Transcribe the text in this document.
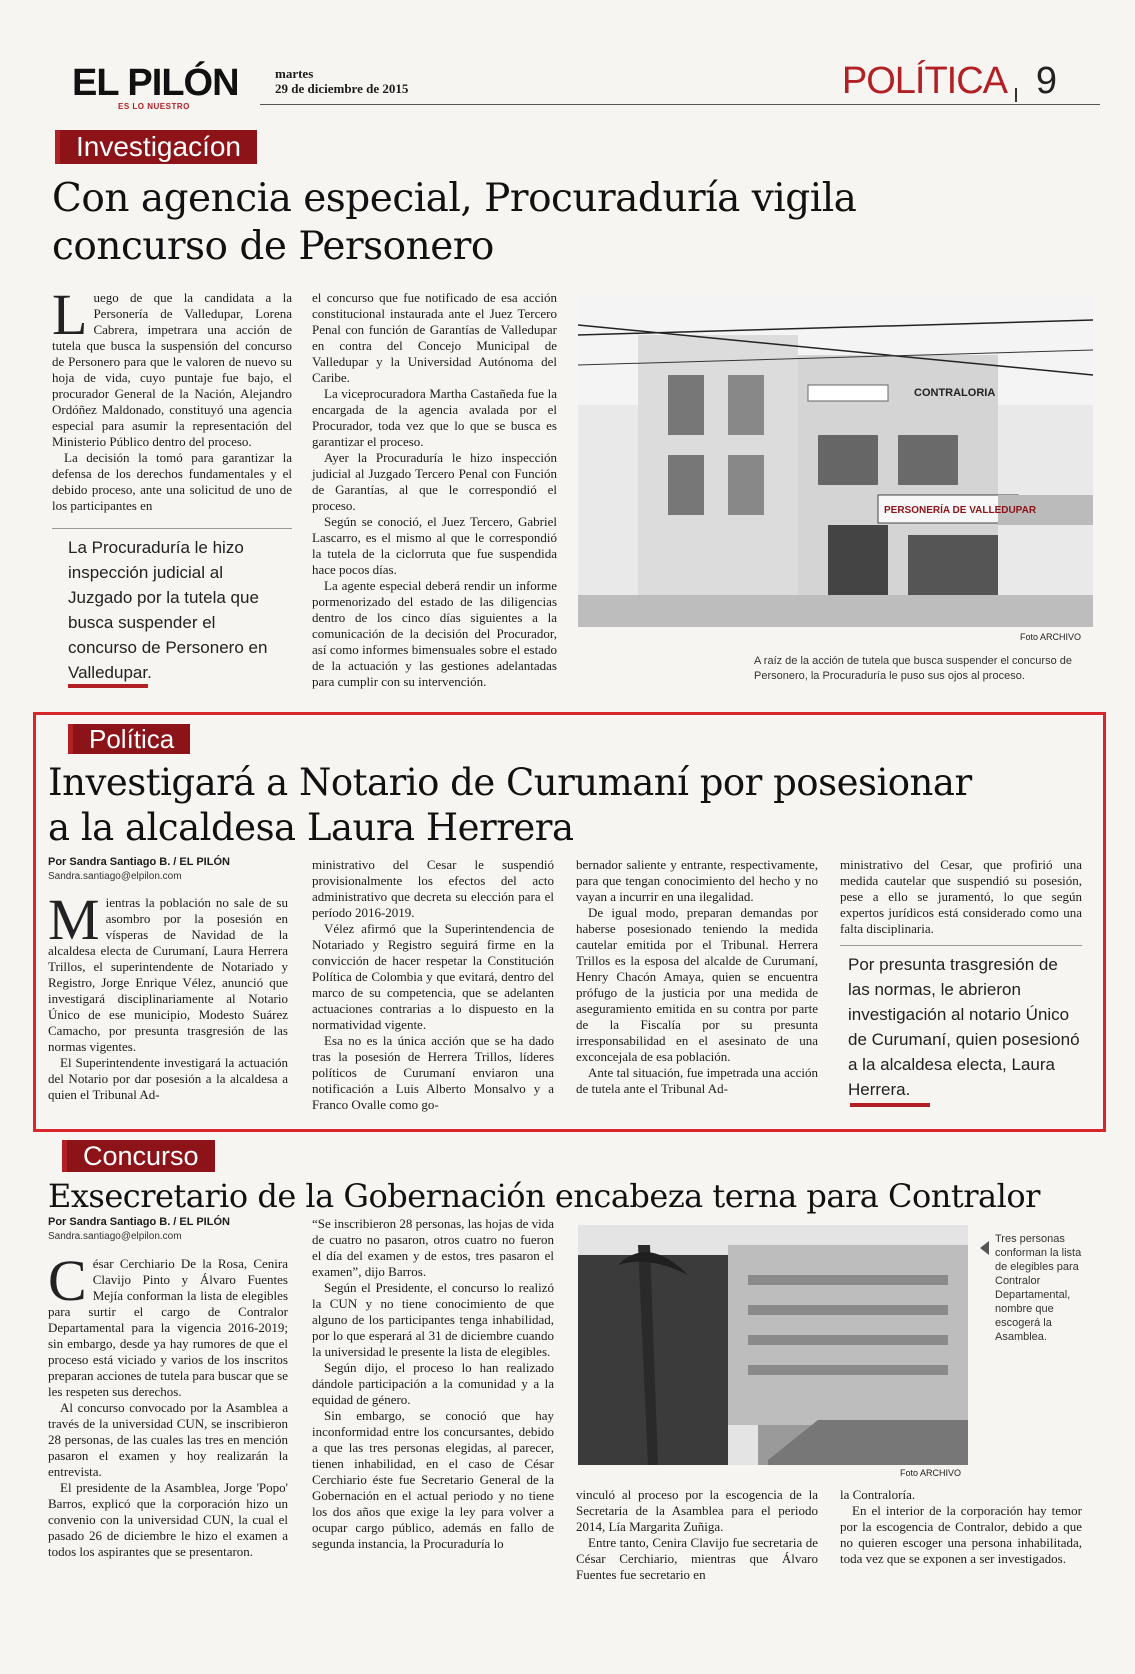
EL PILÓN
ES LO NUESTRO
martes
29 de diciembre de 2015	POLÍTICA 9
Investigacíon
Con agencia especial, Procuraduría vigila
concurso de Personero

Luego de que la candidata a la Personería de Valledupar, Lorena Cabrera, impetrara una acción de tutela que busca la suspensión del concurso de Personero para que le valoren de nuevo su hoja de vida, cuyo puntaje fue bajo, el procurador General de la Nación, Alejandro Ordóñez Maldonado, constituyó una agencia especial para asumir la representación del Ministerio Público dentro del proceso.

La decisión la tomó para garantizar la defensa de los derechos fundamentales y el debido proceso, ante una solicitud de uno de los participantes en

La Procuraduría le hizo inspección judicial al Juzgado por la tutela que busca suspender el concurso de Personero en Valledupar.

el concurso que fue notificado de esa acción constitucional instaurada ante el Juez Tercero Penal con función de Garantías de Valledupar en contra del Concejo Municipal de Valledupar y la Universidad Autónoma del Caribe.

La viceprocuradora Martha Castañeda fue la encargada de la agencia avalada por el Procurador, toda vez que lo que se busca es garantizar el proceso.

Ayer la Procuraduría le hizo inspección judicial al Juzgado Tercero Penal con Función de Garantías, al que le correspondió el proceso.

Según se conoció, el Juez Tercero, Gabriel Lascarro, es el mismo al que le correspondió la tutela de la ciclorruta que fue suspendida hace pocos días.

La agente especial deberá rendir un informe pormenorizado del estado de las diligencias dentro de los cinco días siguientes a la comunicación de la decisión del Procurador, así como informes bimensuales sobre el estado de la actuación y las gestiones adelantadas para cumplir con su intervención.

CONTRALORIA
PERSONERÍA DE VALLEDUPAR
Foto ARCHIVO
A raíz de la acción de tutela que busca suspender el concurso de Personero, la Procuraduría le puso sus ojos al proceso.
Política
Investigará a Notario de Curumaní por posesionar
a la alcaldesa Laura Herrera
Por Sandra Santiago B. / EL PILÓN
Sandra.santiago@elpilon.com

Mientras la población no sale de su asombro por la posesión en vísperas de Navidad de la alcaldesa electa de Curumaní, Laura Herrera Trillos, el superintendente de Notariado y Registro, Jorge Enrique Vélez, anunció que investigará disciplinariamente al Notario Único de ese municipio, Modesto Suárez Camacho, por presunta trasgresión de las normas vigentes.

El Superintendente investigará la actuación del Notario por dar posesión a la alcaldesa a quien el Tribunal Ad-

ministrativo del Cesar le suspendió provisionalmente los efectos del acto administrativo que decreta su elección para el período 2016-2019.

Vélez afirmó que la Superintendencia de Notariado y Registro seguirá firme en la convicción de hacer respetar la Constitución Política de Colombia y que evitará, dentro del marco de su competencia, que se adelanten actuaciones contrarias a lo dispuesto en la normatividad vigente.

Esa no es la única acción que se ha dado tras la posesión de Herrera Trillos, líderes políticos de Curumaní enviaron una notificación a Luis Alberto Monsalvo y a Franco Ovalle como go-

bernador saliente y entrante, respectivamente, para que tengan conocimiento del hecho y no vayan a incurrir en una ilegalidad.

De igual modo, preparan demandas por haberse posesionado teniendo la medida cautelar emitida por el Tribunal. Herrera Trillos es la esposa del alcalde de Curumaní, Henry Chacón Amaya, quien se encuentra prófugo de la justicia por una medida de aseguramiento emitida en su contra por parte de la Fiscalía por su presunta irresponsabilidad en el asesinato de una exconcejala de esa población.

Ante tal situación, fue impetrada una acción de tutela ante el Tribunal Ad-

ministrativo del Cesar, que profirió una medida cautelar que suspendió su posesión, pese a ello se juramentó, lo que según expertos jurídicos está considerado como una falta disciplinaria.

Por presunta trasgresión de las normas, le abrieron investigación al notario Único de Curumaní, quien posesionó a la alcaldesa electa, Laura Herrera.
Concurso
Exsecretario de la Gobernación encabeza terna para Contralor
Por Sandra Santiago B. / EL PILÓN
Sandra.santiago@elpilon.com

César Cerchiario De la Rosa, Cenira Clavijo Pinto y Álvaro Fuentes Mejía conforman la lista de elegibles para surtir el cargo de Contralor Departamental para la vigencia 2016-2019; sin embargo, desde ya hay rumores de que el proceso está viciado y varios de los inscritos preparan acciones de tutela para buscar que se les respeten sus derechos.

Al concurso convocado por la Asamblea a través de la universidad CUN, se inscribieron 28 personas, de las cuales las tres en mención pasaron el examen y hoy realizarán la entrevista.

El presidente de la Asamblea, Jorge 'Popo' Barros, explicó que la corporación hizo un convenio con la universidad CUN, la cual el pasado 26 de diciembre le hizo el examen a todos los aspirantes que se presentaron.

“Se inscribieron 28 personas, las hojas de vida de cuatro no pasaron, otros cuatro no fueron el día del examen y de estos, tres pasaron el examen”, dijo Barros.

Según el Presidente, el concurso lo realizó la CUN y no tiene conocimiento de que alguno de los participantes tenga inhabilidad, por lo que esperará al 31 de diciembre cuando la universidad le presente la lista de elegibles.

Según dijo, el proceso lo han realizado dándole participación a la comunidad y a la equidad de género.

Sin embargo, se conoció que hay inconformidad entre los concursantes, debido a que las tres personas elegidas, al parecer, tienen inhabilidad, en el caso de César Cerchiario éste fue Secretario General de la Gobernación en el actual periodo y no tiene los dos años que exige la ley para volver a ocupar cargo público, además en fallo de segunda instancia, la Procuraduría lo

Foto ARCHIVO
Tres personas conforman la lista de elegibles para Contralor Departamental, nombre que escogerá la Asamblea.

vinculó al proceso por la escogencia de la Secretaria de la Asamblea para el periodo 2014, Lía Margarita Zuñiga.

Entre tanto, Cenira Clavijo fue secretaria de César Cerchiario, mientras que Álvaro Fuentes fue secretario en

la Contraloría.

En el interior de la corporación hay temor por la escogencia de Contralor, debido a que no quieren escoger una persona inhabilitada, toda vez que se exponen a ser investigados.
